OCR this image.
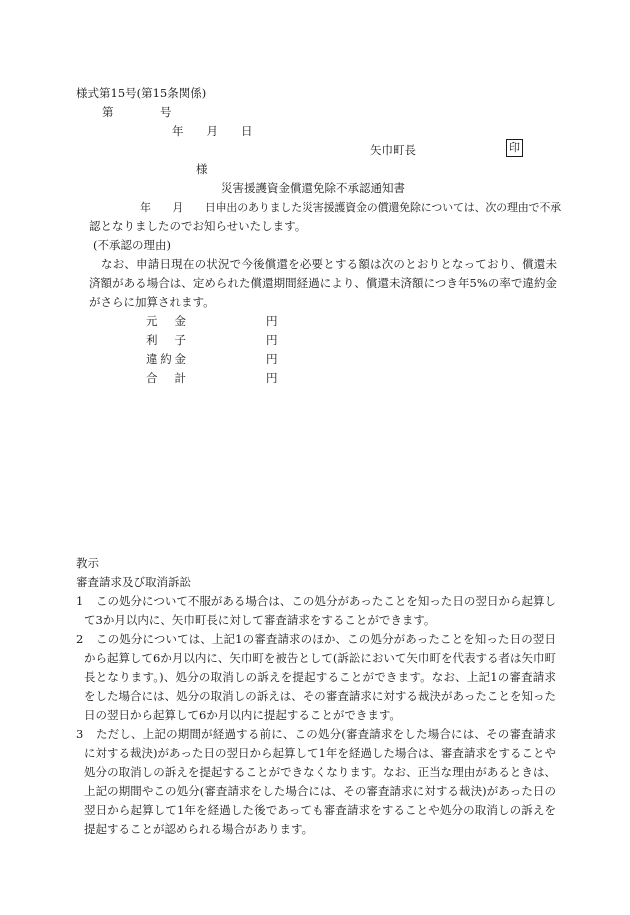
様式第15号(第15条関係)
第	号
年　　月　　日
矢巾町長	印
様
災害援護資金償還免除不承認通知書
年　　月　　日申出のありました災害援護資金の償還免除については、次の理由で不承
認となりましたのでお知らせいたします。
(不承認の理由)
なお、申請日現在の状況で今後償還を必要とする額は次のとおりとなっており、償還未済額がある場合は、定められた償還期間経過により、償還未済額につき年5%の率で違約金がさらに加算されます。
元金	円
利子	円
違約金	円
合計	円
教示
審査請求及び取消訴訟
1	この処分について不服がある場合は、この処分があったことを知った日の翌日から起算して3か月以内に、矢巾町長に対して審査請求をすることができます。
2	この処分については、上記1の審査請求のほか、この処分があったことを知った日の翌日から起算して6か月以内に、矢巾町を被告として(訴訟において矢巾町を代表する者は矢巾町長となります。)、処分の取消しの訴えを提起することができます。なお、上記1の審査請求をした場合には、処分の取消しの訴えは、その審査請求に対する裁決があったことを知った日の翌日から起算して6か月以内に提起することができます。
3	ただし、上記の期間が経過する前に、この処分(審査請求をした場合には、その審査請求に対する裁決)があった日の翌日から起算して1年を経過した場合は、審査請求をすることや処分の取消しの訴えを提起することができなくなります。なお、正当な理由があるときは、上記の期間やこの処分(審査請求をした場合には、その審査請求に対する裁決)があった日の翌日から起算して1年を経過した後であっても審査請求をすることや処分の取消しの訴えを提起することが認められる場合があります。
